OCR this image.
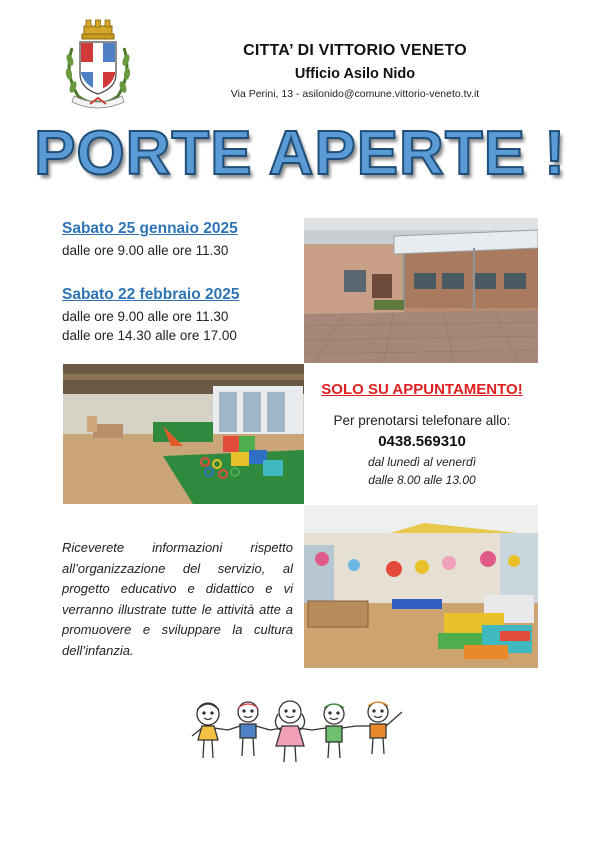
CITTA’ DI VITTORIO VENETO
Ufficio Asilo Nido
Via Perini, 13 - asilonido@comune.vittorio-veneto.tv.it
PORTE APERTE !
Sabato 25 gennaio 2025
dalle ore 9.00 alle ore 11.30
Sabato 22 febbraio 2025
dalle ore 9.00 alle ore 11.30
dalle ore 14.30 alle ore 17.00
SOLO SU APPUNTAMENTO!
Per prenotarsi telefonare allo:
0438.569310
dal lunedì al venerdì
dalle 8.00 alle 13.00
Riceverete informazioni rispetto all’organizzazione del servizio, al progetto educativo e didattico e vi verranno illustrate tutte le attività atte a promuovere e sviluppare la cultura dell’infanzia.
